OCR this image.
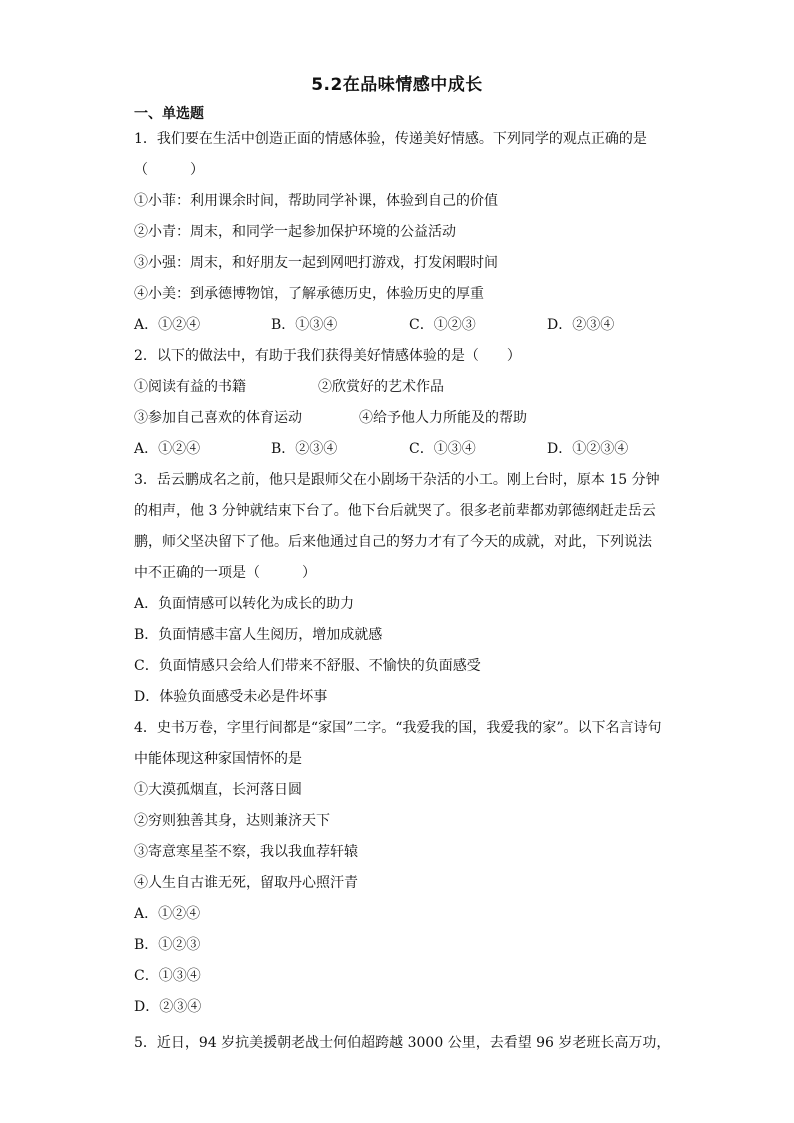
5.2在品味情感中成长
一、单选题
1．我们要在生活中创造正面的情感体验，传递美好情感。下列同学的观点正确的是
（　　　）
①小菲：利用课余时间，帮助同学补课，体验到自己的价值
②小青：周末，和同学一起参加保护环境的公益活动
③小强：周末，和好朋友一起到网吧打游戏，打发闲暇时间
④小美：到承德博物馆，了解承德历史，体验历史的厚重
A．①②④	B．①③④	C．①②③	D．②③④
2．以下的做法中，有助于我们获得美好情感体验的是（　　）
①阅读有益的书籍	②欣赏好的艺术作品
③参加自己喜欢的体育运动	④给予他人力所能及的帮助
A．①②④	B．②③④	C．①③④	D．①②③④
3．岳云鹏成名之前，他只是跟师父在小剧场干杂活的小工。刚上台时，原本 15 分钟
的相声，他 3 分钟就结束下台了。他下台后就哭了。很多老前辈都劝郭德纲赶走岳云
鹏，师父坚决留下了他。后来他通过自己的努力才有了今天的成就，对此，下列说法
中不正确的一项是（　　　）
A．负面情感可以转化为成长的助力
B．负面情感丰富人生阅历，增加成就感
C．负面情感只会给人们带来不舒服、不愉快的负面感受
D．体验负面感受未必是件坏事
4．史书万卷，字里行间都是“家国”二字。“我爱我的国，我爱我的家”。以下名言诗句
中能体现这种家国情怀的是
①大漠孤烟直，长河落日圆
②穷则独善其身，达则兼济天下
③寄意寒星荃不察，我以我血荐轩辕
④人生自古谁无死，留取丹心照汗青
A．①②④
B．①②③
C．①③④
D．②③④
5．近日，94 岁抗美援朝老战士何伯超跨越 3000 公里，去看望 96 岁老班长高万功，
